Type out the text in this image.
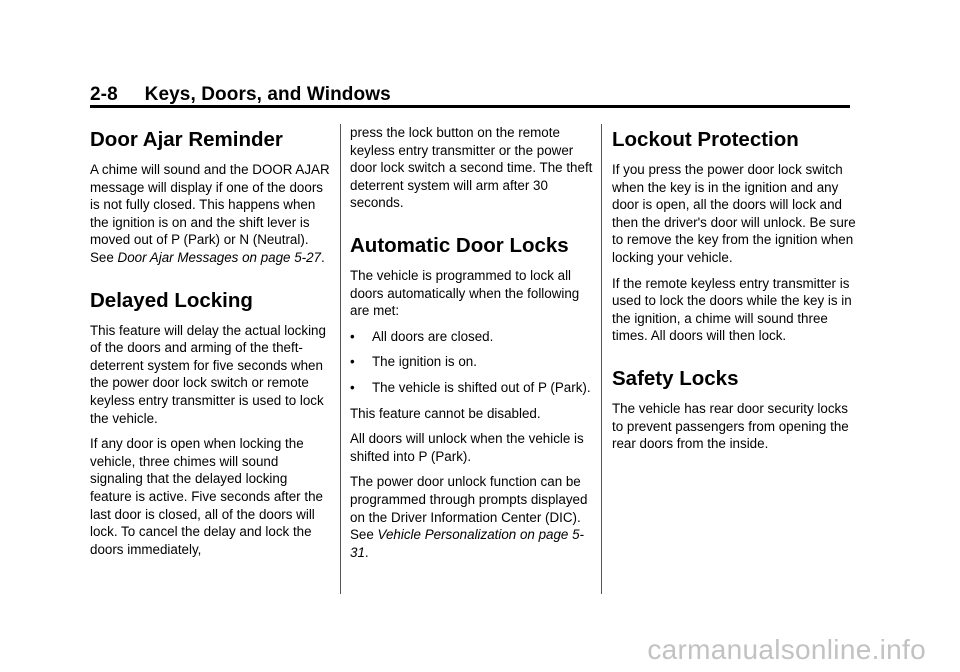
2-8     Keys, Doors, and Windows
Door Ajar Reminder

A chime will sound and the DOOR AJAR message will display if one of the doors is not fully closed. This happens when the ignition is on and the shift lever is moved out of P (Park) or N (Neutral). See Door Ajar Messages on page 5-27.

Delayed Locking

This feature will delay the actual locking of the doors and arming of the theft-deterrent system for five seconds when the power door lock switch or remote keyless entry transmitter is used to lock the vehicle.

If any door is open when locking the vehicle, three chimes will sound signaling that the delayed locking feature is active. Five seconds after the last door is closed, all of the doors will lock. To cancel the delay and lock the doors immediately,

press the lock button on the remote keyless entry transmitter or the power door lock switch a second time. The theft deterrent system will arm after 30 seconds.

Automatic Door Locks

The vehicle is programmed to lock all doors automatically when the following are met:

• All doors are closed.
• The ignition is on.
• The vehicle is shifted out of P (Park).

This feature cannot be disabled.

All doors will unlock when the vehicle is shifted into P (Park).

The power door unlock function can be programmed through prompts displayed on the Driver Information Center (DIC). See Vehicle Personalization on page 5-31.

Lockout Protection

If you press the power door lock switch when the key is in the ignition and any door is open, all the doors will lock and then the driver's door will unlock. Be sure to remove the key from the ignition when locking your vehicle.

If the remote keyless entry transmitter is used to lock the doors while the key is in the ignition, a chime will sound three times. All doors will then lock.

Safety Locks

The vehicle has rear door security locks to prevent passengers from opening the rear doors from the inside.

carmanualsonline.info
